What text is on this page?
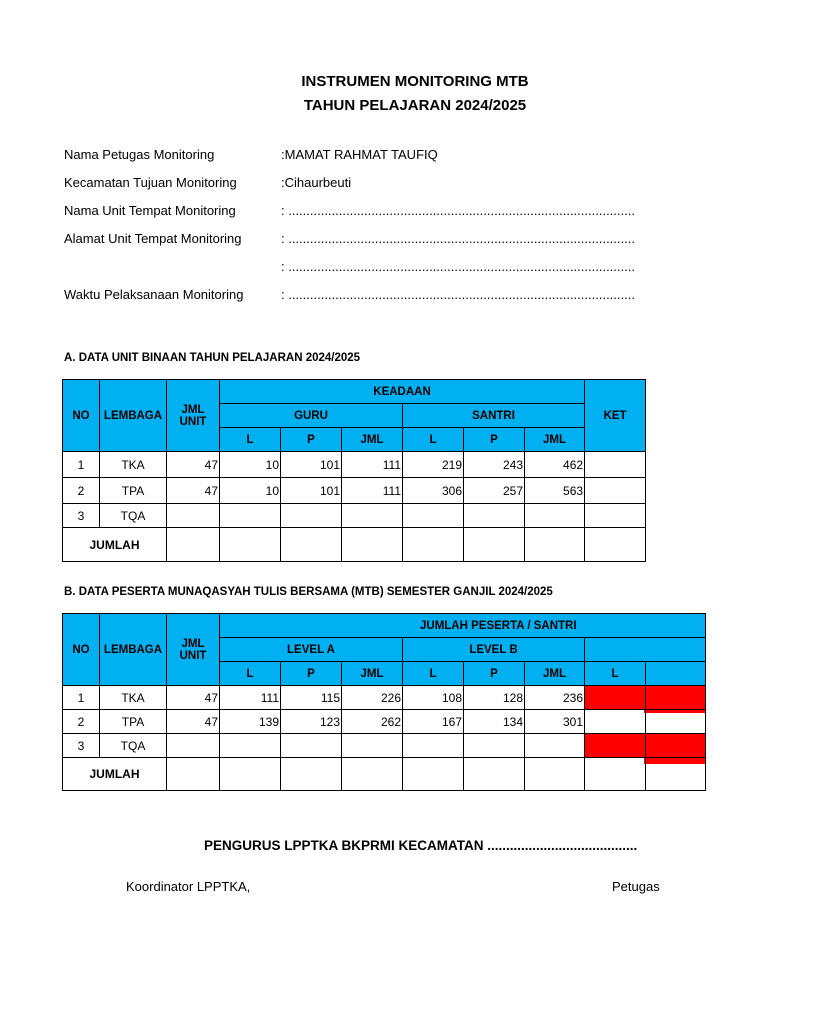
INSTRUMEN MONITORING MTB
TAHUN PELAJARAN 2024/2025
Nama Petugas Monitoring	:MAMAT RAHMAT TAUFIQ
Kecamatan Tujuan Monitoring	:Cihaurbeuti
Nama Unit Tempat Monitoring	: ................................................................................................
Alamat Unit Tempat Monitoring	: ................................................................................................
: ................................................................................................
Waktu Pelaksanaan Monitoring	: ................................................................................................
A. DATA UNIT BINAAN TAHUN PELAJARAN 2024/2025
NO	LEMBAGA	JML UNIT	KEADAAN						KET
			GURU			SANTRI			
			L	P	JML	L	P	JML	
1	TKA	47	10	101	111	219	243	462	
2	TPA	47	10	101	111	306	257	563	
3	TQA								
JUMLAH									
B. DATA PESERTA MUNAQASYAH TULIS BERSAMA (MTB) SEMESTER GANJIL 2024/2025
NO	LEMBAGA	JML UNIT	JUMLAH PESERTA / SANTRI							
			LEVEL A			LEVEL B				
			L	P	JML	L	P	JML	L	
1	TKA	47	111	115	226	108	128	236		
2	TPA	47	139	123	262	167	134	301		
3	TQA									
JUMLAH										
PENGURUS LPPTKA BKPRMI KECAMATAN ........................................
Koordinator LPPTKA,	Petugas
